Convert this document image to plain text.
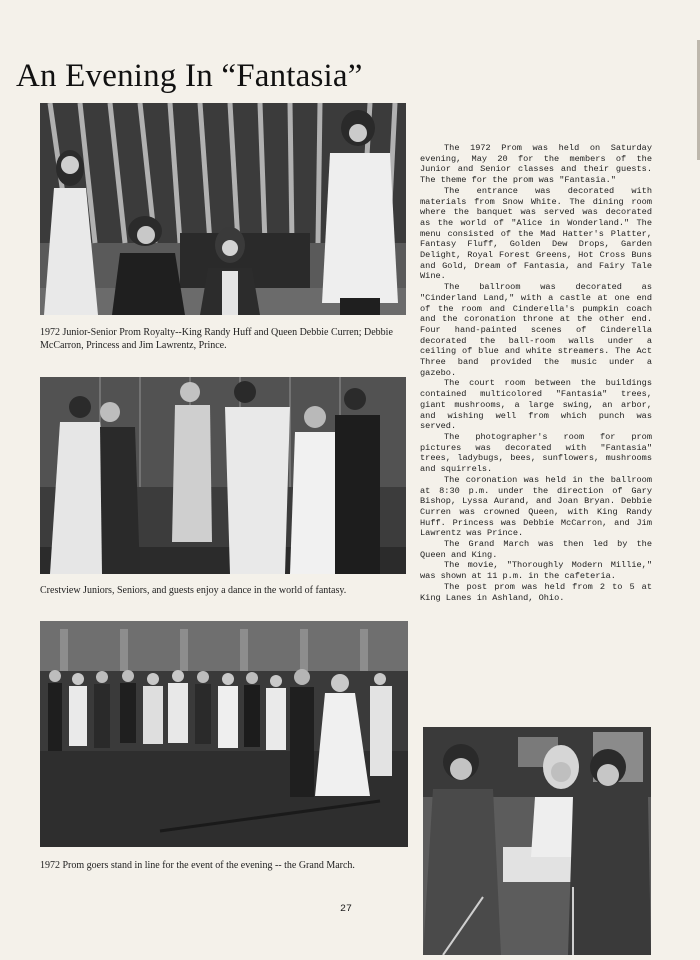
An Evening In “Fantasia”
1972 Junior-Senior Prom Royalty--King Randy Huff and Queen Debbie Curren; Debbie McCarron, Princess and Jim Lawrentz, Prince.
Crestview Juniors, Seniors, and guests enjoy a dance in the world of fantasy.
1972 Prom goers stand in line for the event of the evening -- the Grand March.

The 1972 Prom was held on Saturday evening, May 20 for the members of the Junior and Senior classes and their guests. The theme for the prom was "Fantasia."

The entrance was decorated with materials from Snow White. The dining room where the banquet was served was decorated as the world of "Alice in Wonderland." The menu consisted of the Mad Hatter's Platter, Fantasy Fluff, Golden Dew Drops, Garden Delight, Royal Forest Greens, Hot Cross Buns and Gold, Dream of Fantasia, and Fairy Tale Wine.

The ballroom was decorated as "Cinderland Land," with a castle at one end of the room and Cinderella's pumpkin coach and the coronation throne at the other end. Four hand-painted scenes of Cinderella decorated the ball-room walls under a ceiling of blue and white streamers. The Act Three band provided the music under a gazebo.

The court room between the buildings contained multicolored "Fantasia" trees, giant mushrooms, a large swing, an arbor, and wishing well from which punch was served.

The photographer's room for prom pictures was decorated with "Fantasia" trees, ladybugs, bees, sunflowers, mushrooms and squirrels.

The coronation was held in the ballroom at 8:30 p.m. under the direction of Gary Bishop, Lyssa Aurand, and Joan Bryan. Debbie Curren was crowned Queen, with King Randy Huff. Princess was Debbie McCarron, and Jim Lawrentz was Prince.

The Grand March was then led by the Queen and King.

The movie, "Thoroughly Modern Millie," was shown at 11 p.m. in the cafeteria.

The post prom was held from 2 to 5 at King Lanes in Ashland, Ohio.

27
